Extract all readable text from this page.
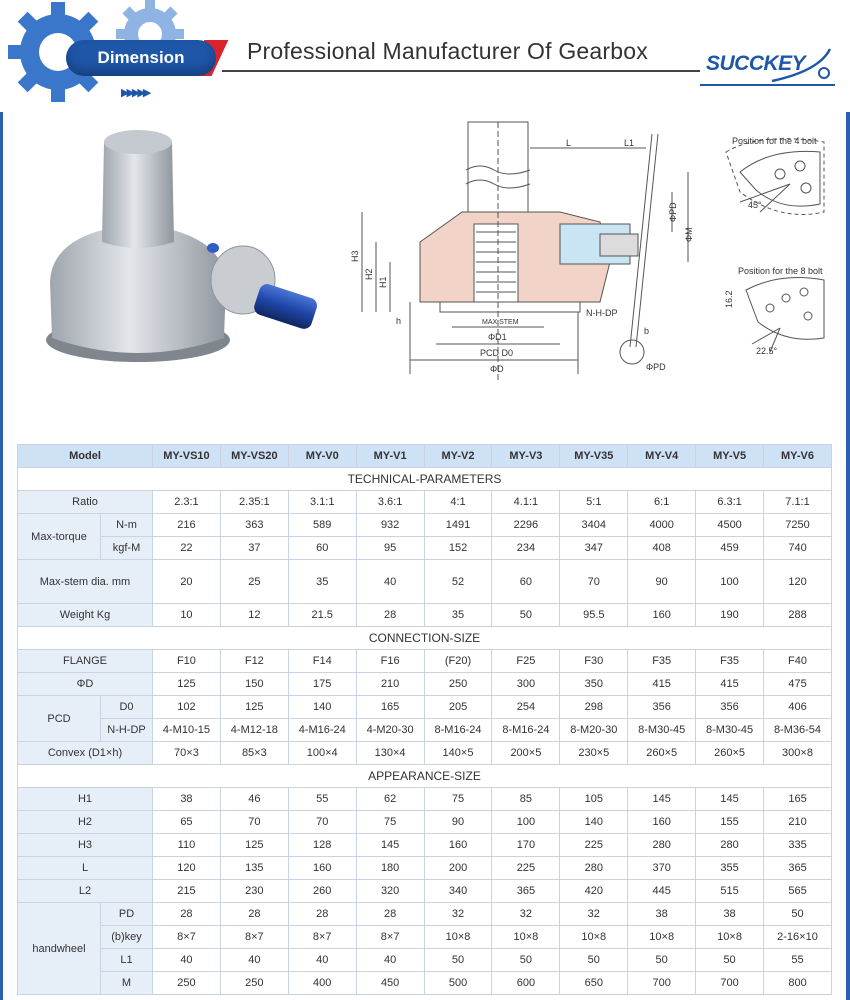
Dimension
▶▶▶▶▶
Professional Manufacturer Of Gearbox	SUCCKEY
L	L1
ΦPD
ΦM
H3
H2
H1
h	MAX STEM
ΦD1
PCD D0
ΦD
N-H-DP
b
ΦPD
Position for the 4 bolt
45°
Position for the 8 bolt
16.2
22.5°
Model		MY-VS10	MY-VS20	MY-V0	MY-V1	MY-V2	MY-V3	MY-V35	MY-V4	MY-V5	MY-V6
TECHNICAL-PARAMETERS											
Ratio		2.3:1	2.35:1	3.1:1	3.6:1	4:1	4.1:1	5:1	6:1	6.3:1	7.1:1
Max-torque	N-m	216	363	589	932	1491	2296	3404	4000	4500	7250
	kgf-M	22	37	60	95	152	234	347	408	459	740
Max-stem dia. mm		20	25	35	40	52	60	70	90	100	120
Weight Kg		10	12	21.5	28	35	50	95.5	160	190	288
CONNECTION-SIZE											
FLANGE		F10	F12	F14	F16	(F20)	F25	F30	F35	F35	F40
ΦD		125	150	175	210	250	300	350	415	415	475
PCD	D0	102	125	140	165	205	254	298	356	356	406
	N-H-DP	4-M10-15	4-M12-18	4-M16-24	4-M20-30	8-M16-24	8-M16-24	8-M20-30	8-M30-45	8-M30-45	8-M36-54
Convex (D1×h)		70×3	85×3	100×4	130×4	140×5	200×5	230×5	260×5	260×5	300×8
APPEARANCE-SIZE											
H1		38	46	55	62	75	85	105	145	145	165
H2		65	70	70	75	90	100	140	160	155	210
H3		110	125	128	145	160	170	225	280	280	335
L		120	135	160	180	200	225	280	370	355	365
L2		215	230	260	320	340	365	420	445	515	565
handwheel	PD	28	28	28	28	32	32	32	38	38	50
	(b)key	8×7	8×7	8×7	8×7	10×8	10×8	10×8	10×8	10×8	2-16×10
	L1	40	40	40	40	50	50	50	50	50	55
	M	250	250	400	450	500	600	650	700	700	800
